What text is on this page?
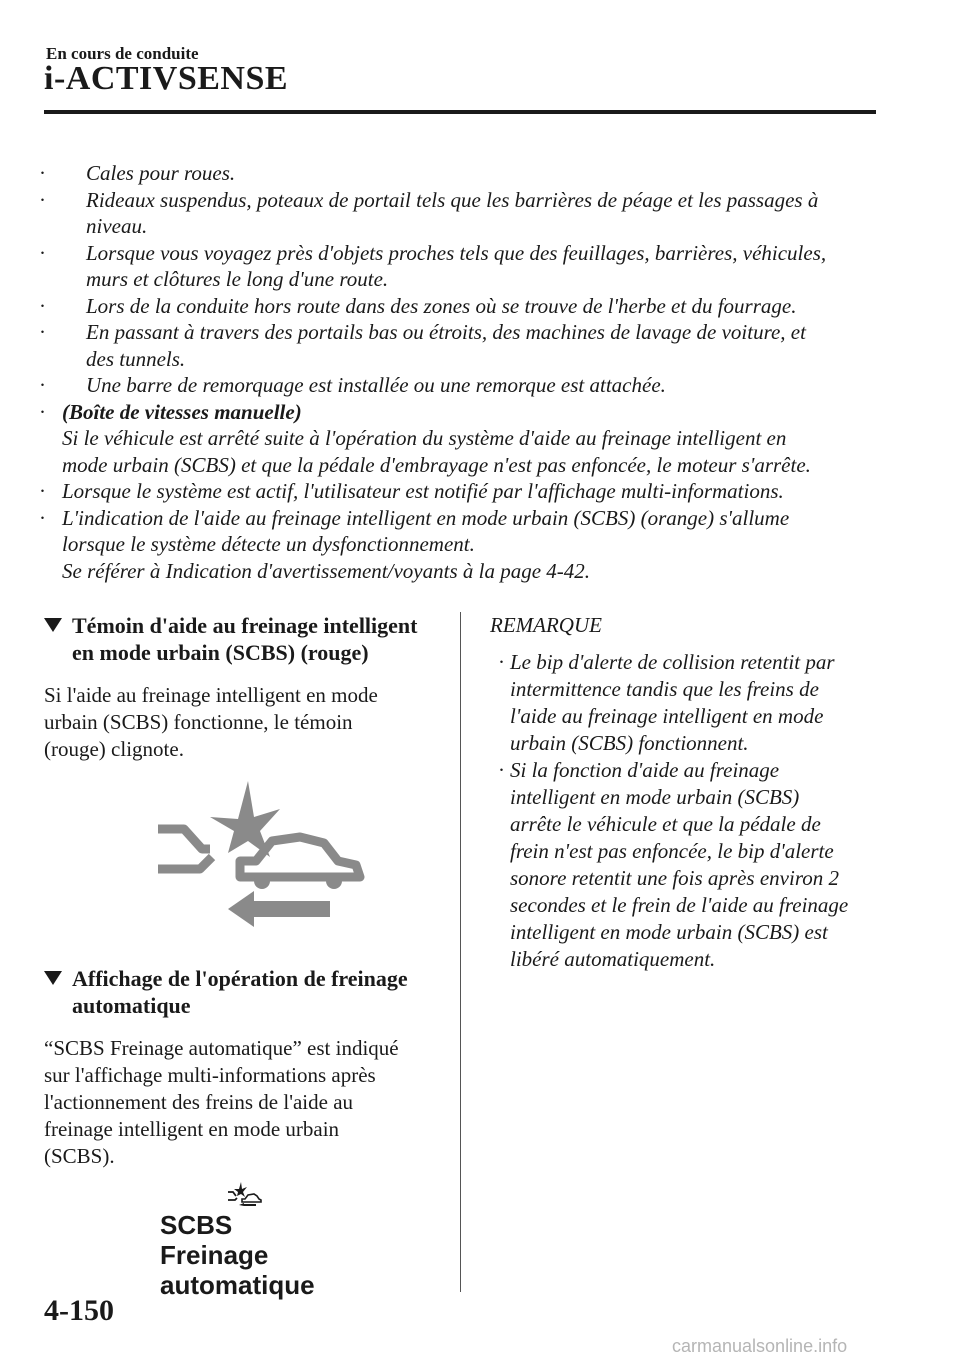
En cours de conduite
i-ACTIVSENSE
· Cales pour roues.
· Rideaux suspendus, poteaux de portail tels que les barrières de péage et les passages à
niveau.
· Lorsque vous voyagez près d'objets proches tels que des feuillages, barrières, véhicules,
murs et clôtures le long d'une route.
· Lors de la conduite hors route dans des zones où se trouve de l'herbe et du fourrage.
· En passant à travers des portails bas ou étroits, des machines de lavage de voiture, et
des tunnels.
· Une barre de remorquage est installée ou une remorque est attachée.
· (Boîte de vitesses manuelle)
Si le véhicule est arrêté suite à l'opération du système d'aide au freinage intelligent en
mode urbain (SCBS) et que la pédale d'embrayage n'est pas enfoncée, le moteur s'arrête.
· Lorsque le système est actif, l'utilisateur est notifié par l'affichage multi-informations.
· L'indication de l'aide au freinage intelligent en mode urbain (SCBS) (orange) s'allume
lorsque le système détecte un dysfonctionnement.
Se référer à Indication d'avertissement/voyants à la page 4-42.
Témoin d'aide au freinage intelligent
en mode urbain (SCBS) (rouge)
Si l'aide au freinage intelligent en mode
urbain (SCBS) fonctionne, le témoin
(rouge) clignote.
Affichage de l'opération de freinage
automatique
“SCBS Freinage automatique” est indiqué
sur l'affichage multi-informations après
l'actionnement des freins de l'aide au
freinage intelligent en mode urbain
(SCBS).
SCBS
Freinage
automatique
REMARQUE
· Le bip d'alerte de collision retentit par
intermittence tandis que les freins de
l'aide au freinage intelligent en mode
urbain (SCBS) fonctionnent.
· Si la fonction d'aide au freinage
intelligent en mode urbain (SCBS)
arrête le véhicule et que la pédale de
frein n'est pas enfoncée, le bip d'alerte
sonore retentit une fois après environ 2
secondes et le frein de l'aide au freinage
intelligent en mode urbain (SCBS) est
libéré automatiquement.
4-150
carmanualsonline.info
